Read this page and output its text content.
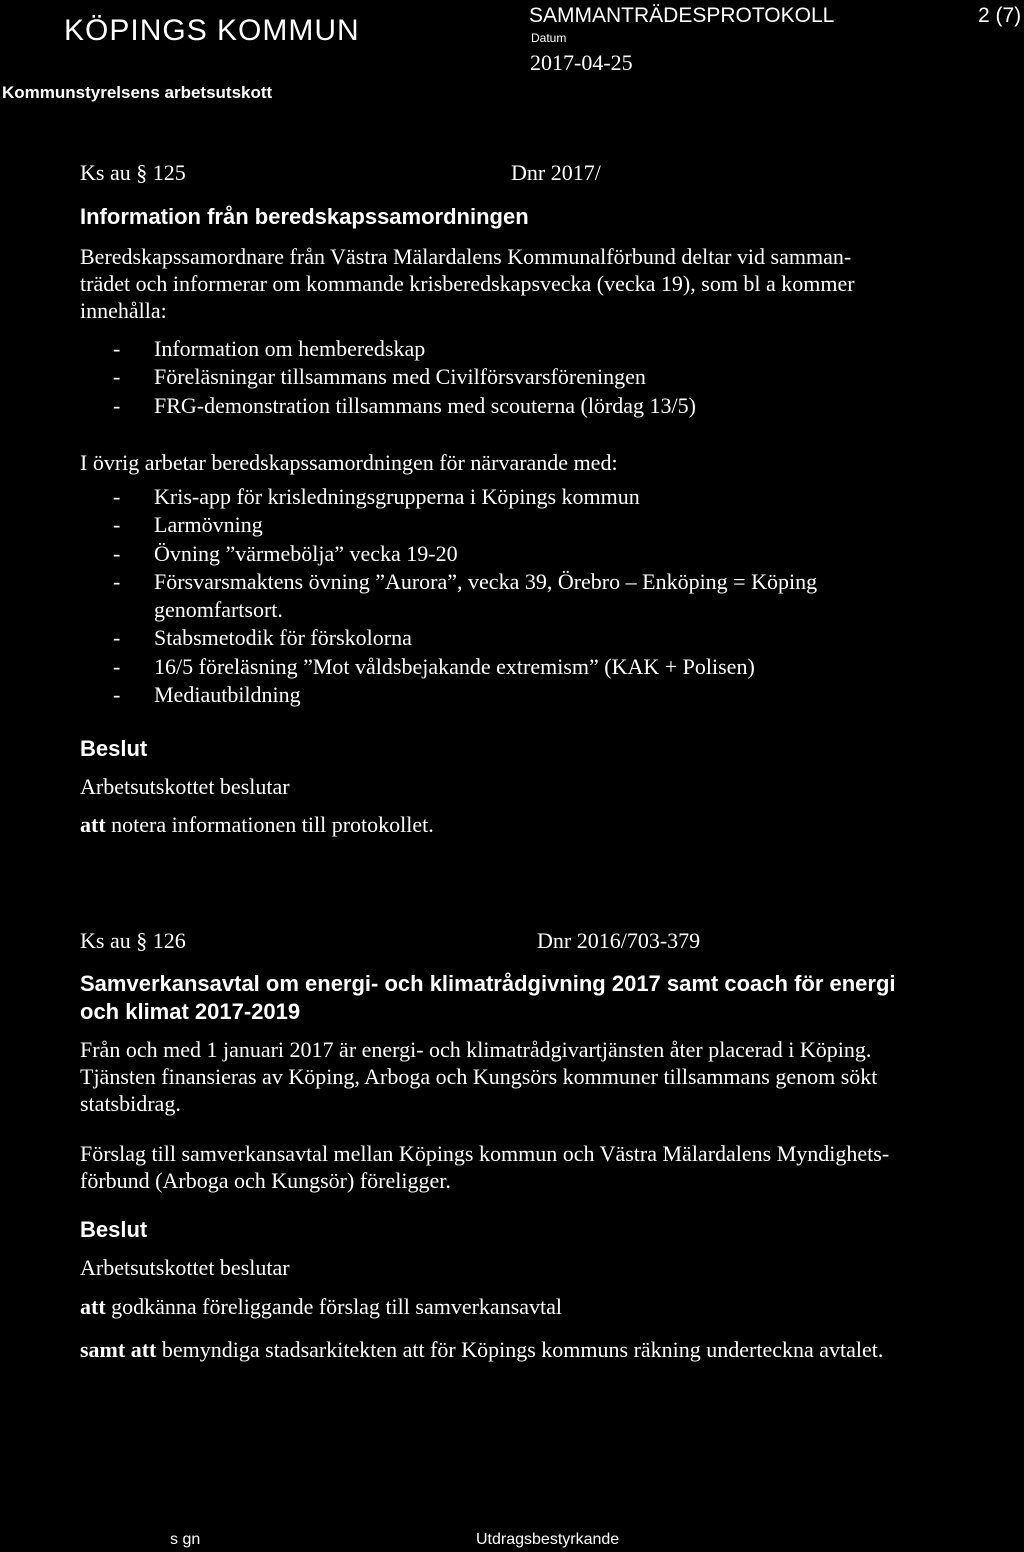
KÖPINGS KOMMUN
Kommunstyrelsens arbetsutskott
SAMMANTRÄDESPROTOKOLL
Datum
2017-04-25
2 (7)
Ks au § 125	Dnr 2017/
Information från beredskapssamordningen
Beredskapssamordnare från Västra Mälardalens Kommunalförbund deltar vid samman-
trädet och informerar om kommande krisberedskapsvecka (vecka 19), som bl a kommer
innehålla:
- Information om hemberedskap
- Föreläsningar tillsammans med Civilförsvarsföreningen
- FRG-demonstration tillsammans med scouterna (lördag 13/5)
I övrig arbetar beredskapssamordningen för närvarande med:
- Kris-app för krisledningsgrupperna i Köpings kommun
- Larmövning
- Övning ”värmebölja” vecka 19-20
- Försvarsmaktens övning ”Aurora”, vecka 39, Örebro – Enköping = Köping
genomfartsort.
- Stabsmetodik för förskolorna
- 16/5 föreläsning ”Mot våldsbejakande extremism” (KAK + Polisen)
- Mediautbildning
Beslut
Arbetsutskottet beslutar
att notera informationen till protokollet.
Ks au § 126	Dnr 2016/703-379
Samverkansavtal om energi- och klimatrådgivning 2017 samt coach för energi
och klimat 2017-2019
Från och med 1 januari 2017 är energi- och klimatrådgivartjänsten åter placerad i Köping.
Tjänsten finansieras av Köping, Arboga och Kungsörs kommuner tillsammans genom sökt
statsbidrag.
Förslag till samverkansavtal mellan Köpings kommun och Västra Mälardalens Myndighets-
förbund (Arboga och Kungsör) föreligger.
Beslut
Arbetsutskottet beslutar
att godkänna föreliggande förslag till samverkansavtal
samt att bemyndiga stadsarkitekten att för Köpings kommuns räkning underteckna avtalet.
s gn	Utdragsbestyrkande
